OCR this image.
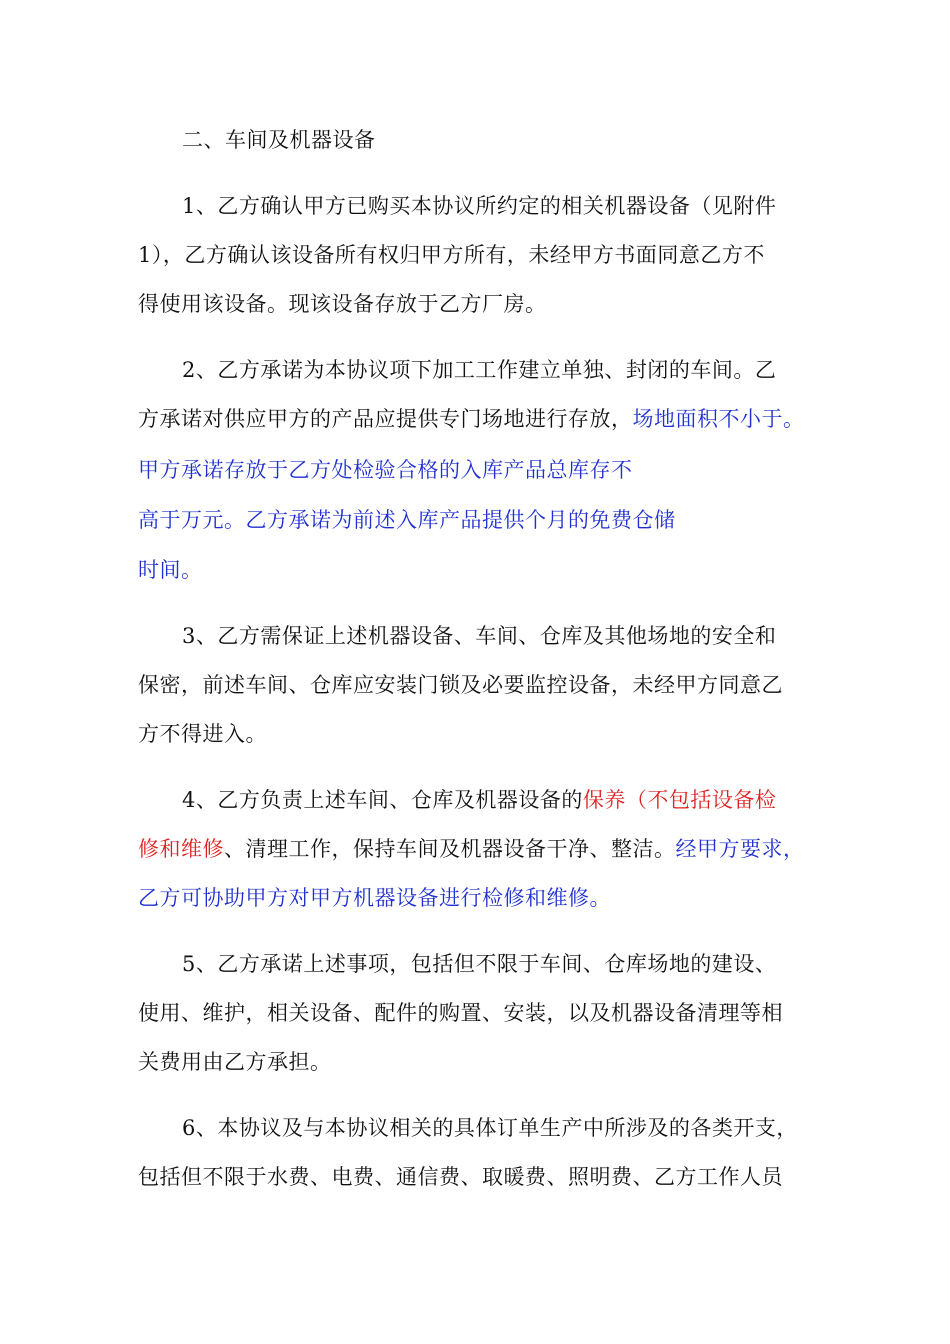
二、车间及机器设备
1、乙方确认甲方已购买本协议所约定的相关机器设备（见附件
1），乙方确认该设备所有权归甲方所有，未经甲方书面同意乙方不
得使用该设备。现该设备存放于乙方厂房。
2、乙方承诺为本协议项下加工工作建立单独、封闭的车间。乙
方承诺对供应甲方的产品应提供专门场地进行存放，场地面积不小于。
甲方承诺存放于乙方处检验合格的入库产品总库存不
高于万元。乙方承诺为前述入库产品提供个月的免费仓储
时间。
3、乙方需保证上述机器设备、车间、仓库及其他场地的安全和
保密，前述车间、仓库应安装门锁及必要监控设备，未经甲方同意乙
方不得进入。
4、乙方负责上述车间、仓库及机器设备的保养（不包括设备检
修和维修、清理工作，保持车间及机器设备干净、整洁。经甲方要求，
乙方可协助甲方对甲方机器设备进行检修和维修。
5、乙方承诺上述事项，包括但不限于车间、仓库场地的建设、
使用、维护，相关设备、配件的购置、安装，以及机器设备清理等相
关费用由乙方承担。
6、本协议及与本协议相关的具体订单生产中所涉及的各类开支，
包括但不限于水费、电费、通信费、取暖费、照明费、乙方工作人员
